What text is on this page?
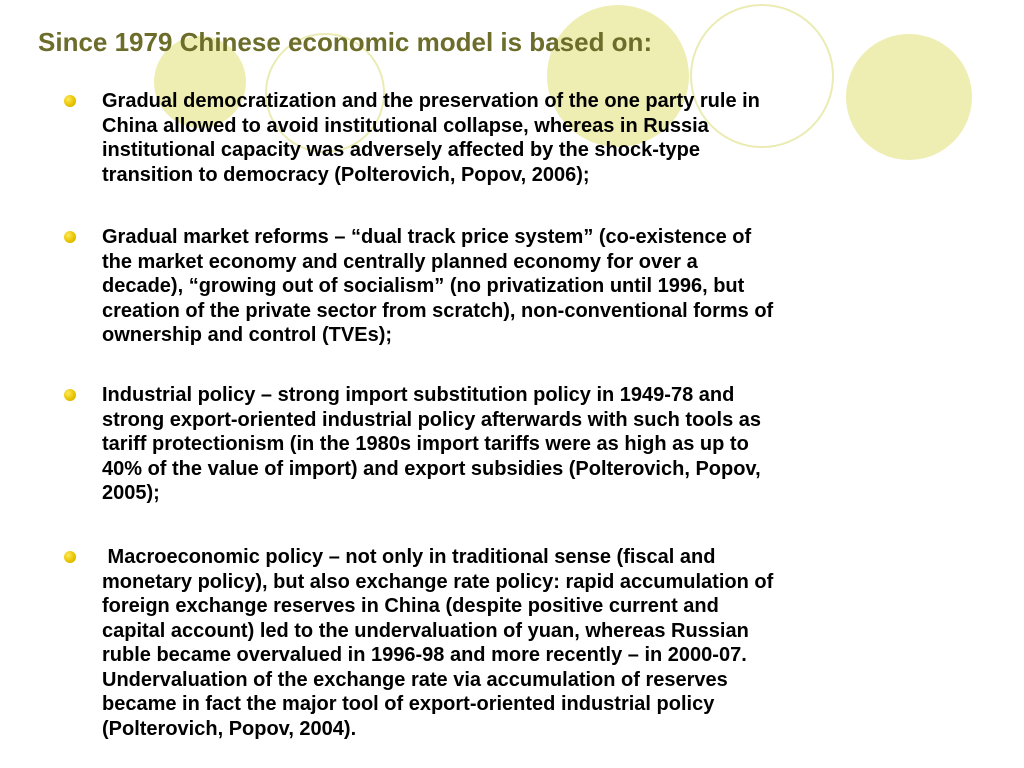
Since 1979 Chinese economic model is based on:
Gradual democratization and the preservation of the one party rule in
China allowed to avoid institutional collapse, whereas in Russia
institutional capacity was adversely affected by the shock-type
transition to democracy (Polterovich, Popov, 2006);
Gradual market reforms – “dual track price system” (co-existence of
the market economy and centrally planned economy for over a
decade), “growing out of socialism” (no privatization until 1996, but
creation of the private sector from scratch), non-conventional forms of
ownership and control (TVEs);
Industrial policy – strong import substitution policy in 1949-78 and
strong export-oriented industrial policy afterwards with such tools as
tariff protectionism (in the 1980s import tariffs were as high as up to
40% of the value of import) and export subsidies (Polterovich, Popov,
2005);
Macroeconomic policy – not only in traditional sense (fiscal and
monetary policy), but also exchange rate policy: rapid accumulation of
foreign exchange reserves in China (despite positive current and
capital account) led to the undervaluation of yuan, whereas Russian
ruble became overvalued in 1996-98 and more recently – in 2000-07.
Undervaluation of the exchange rate via accumulation of reserves
became in fact the major tool of export-oriented industrial policy
(Polterovich, Popov, 2004).
